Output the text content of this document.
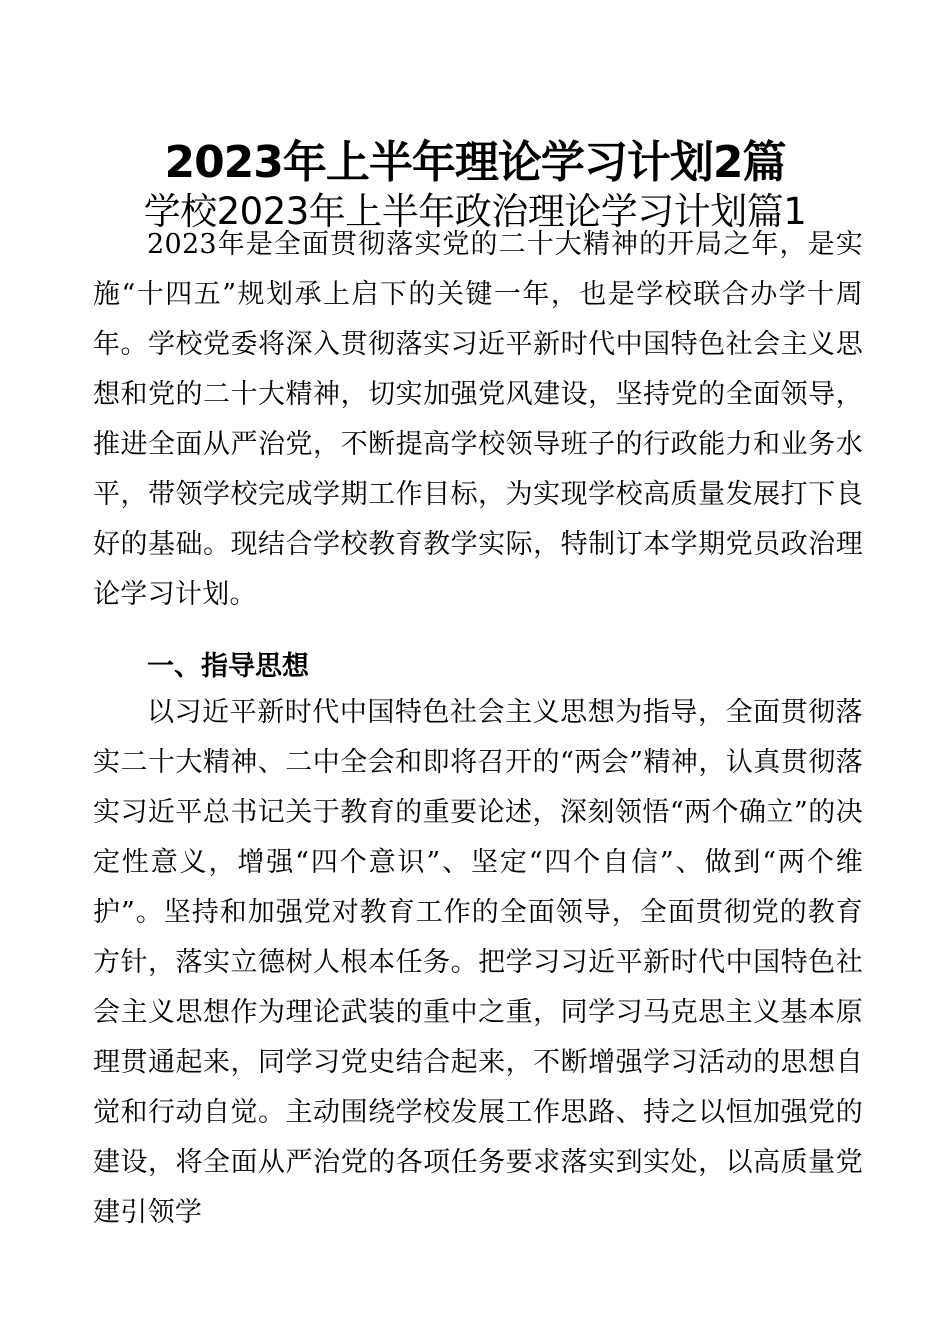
2023年上半年理论学习计划2篇
学校2023年上半年政治理论学习计划篇1

2023年是全面贯彻落实党的二十大精神的开局之年，是实施“十四五”规划承上启下的关键一年，也是学校联合办学十周年。学校党委将深入贯彻落实习近平新时代中国特色社会主义思想和党的二十大精神，切实加强党风建设，坚持党的全面领导，推进全面从严治党，不断提高学校领导班子的行政能力和业务水平，带领学校完成学期工作目标，为实现学校高质量发展打下良好的基础。现结合学校教育教学实际，特制订本学期党员政治理论学习计划。

一、指导思想

以习近平新时代中国特色社会主义思想为指导，全面贯彻落实二十大精神、二中全会和即将召开的“两会”精神，认真贯彻落实习近平总书记关于教育的重要论述，深刻领悟“两个确立”的决定性意义，增强“四个意识”、坚定“四个自信”、做到“两个维护”。坚持和加强党对教育工作的全面领导，全面贯彻党的教育方针，落实立德树人根本任务。把学习习近平新时代中国特色社会主义思想作为理论武装的重中之重，同学习马克思主义基本原理贯通起来，同学习党史结合起来，不断增强学习活动的思想自觉和行动自觉。主动围绕学校发展工作思路、持之以恒加强党的建设，将全面从严治党的各项任务要求落实到实处，以高质量党建引领学
